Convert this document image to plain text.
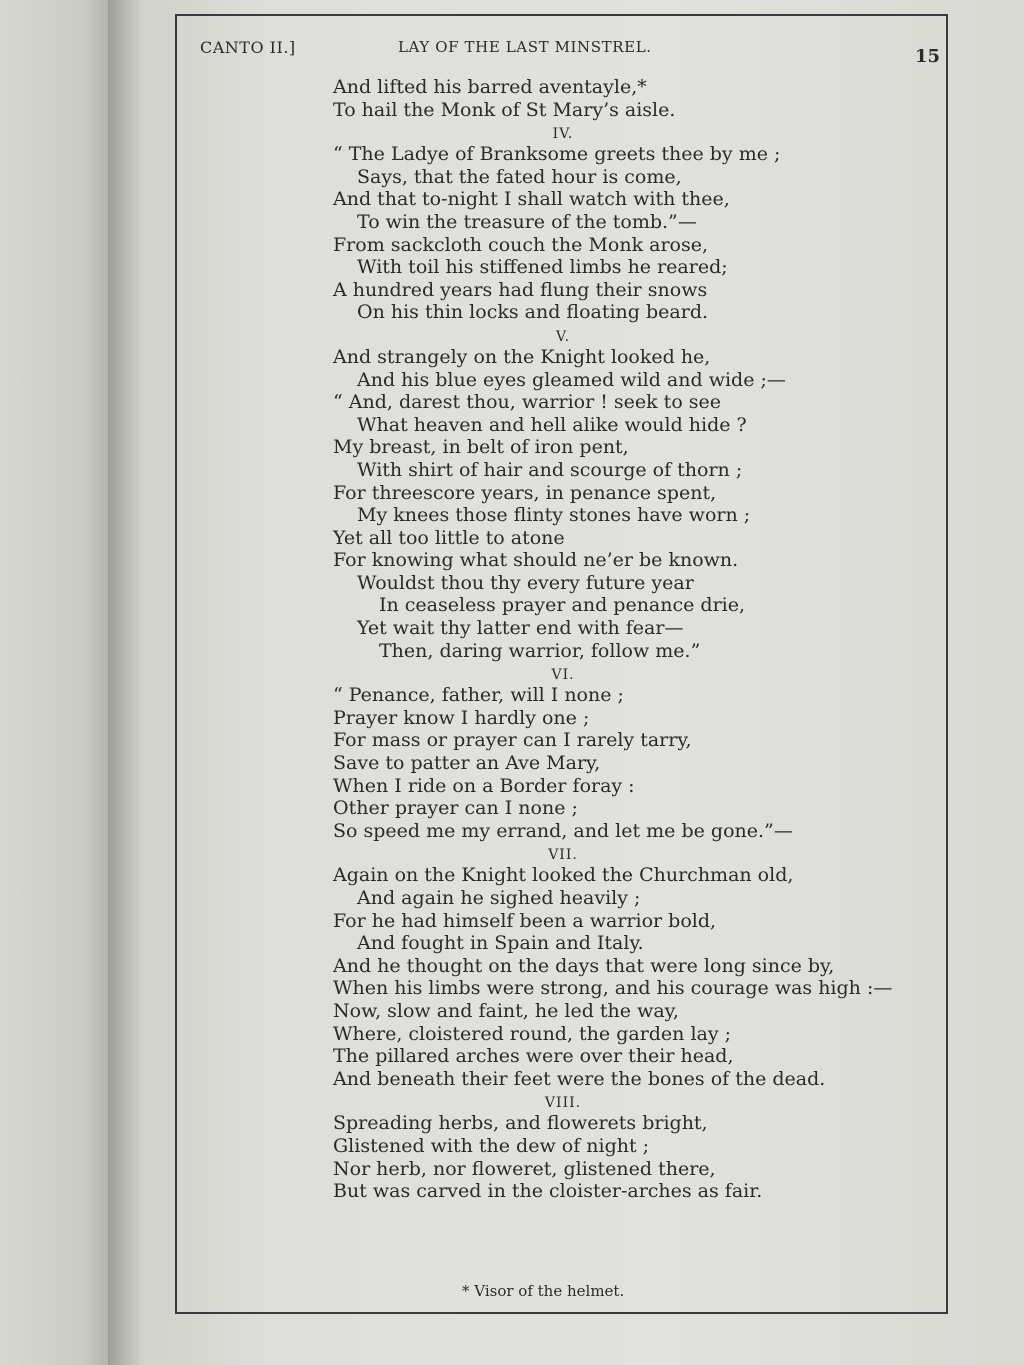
CANTO II.]	LAY OF THE LAST MINSTREL.	15
And lifted his barred aventayle,*
To hail the Monk of St Mary’s aisle.
IV.
“ The Ladye of Branksome greets thee by me ;
Says, that the fated hour is come,
And that to-night I shall watch with thee,
To win the treasure of the tomb.”—
From sackcloth couch the Monk arose,
With toil his stiffened limbs he reared;
A hundred years had flung their snows
On his thin locks and floating beard.
V.
And strangely on the Knight looked he,
And his blue eyes gleamed wild and wide ;—
“ And, darest thou, warrior ! seek to see
What heaven and hell alike would hide ?
My breast, in belt of iron pent,
With shirt of hair and scourge of thorn ;
For threescore years, in penance spent,
My knees those flinty stones have worn ;
Yet all too little to atone
For knowing what should ne’er be known.
Wouldst thou thy every future year
In ceaseless prayer and penance drie,
Yet wait thy latter end with fear—
Then, daring warrior, follow me.”
VI.
“ Penance, father, will I none ;
Prayer know I hardly one ;
For mass or prayer can I rarely tarry,
Save to patter an Ave Mary,
When I ride on a Border foray :
Other prayer can I none ;
So speed me my errand, and let me be gone.”—
VII.
Again on the Knight looked the Churchman old,
And again he sighed heavily ;
For he had himself been a warrior bold,
And fought in Spain and Italy.
And he thought on the days that were long since by,
When his limbs were strong, and his courage was high :—
Now, slow and faint, he led the way,
Where, cloistered round, the garden lay ;
The pillared arches were over their head,
And beneath their feet were the bones of the dead.
VIII.
Spreading herbs, and flowerets bright,
Glistened with the dew of night ;
Nor herb, nor floweret, glistened there,
But was carved in the cloister-arches as fair.
* Visor of the helmet.
